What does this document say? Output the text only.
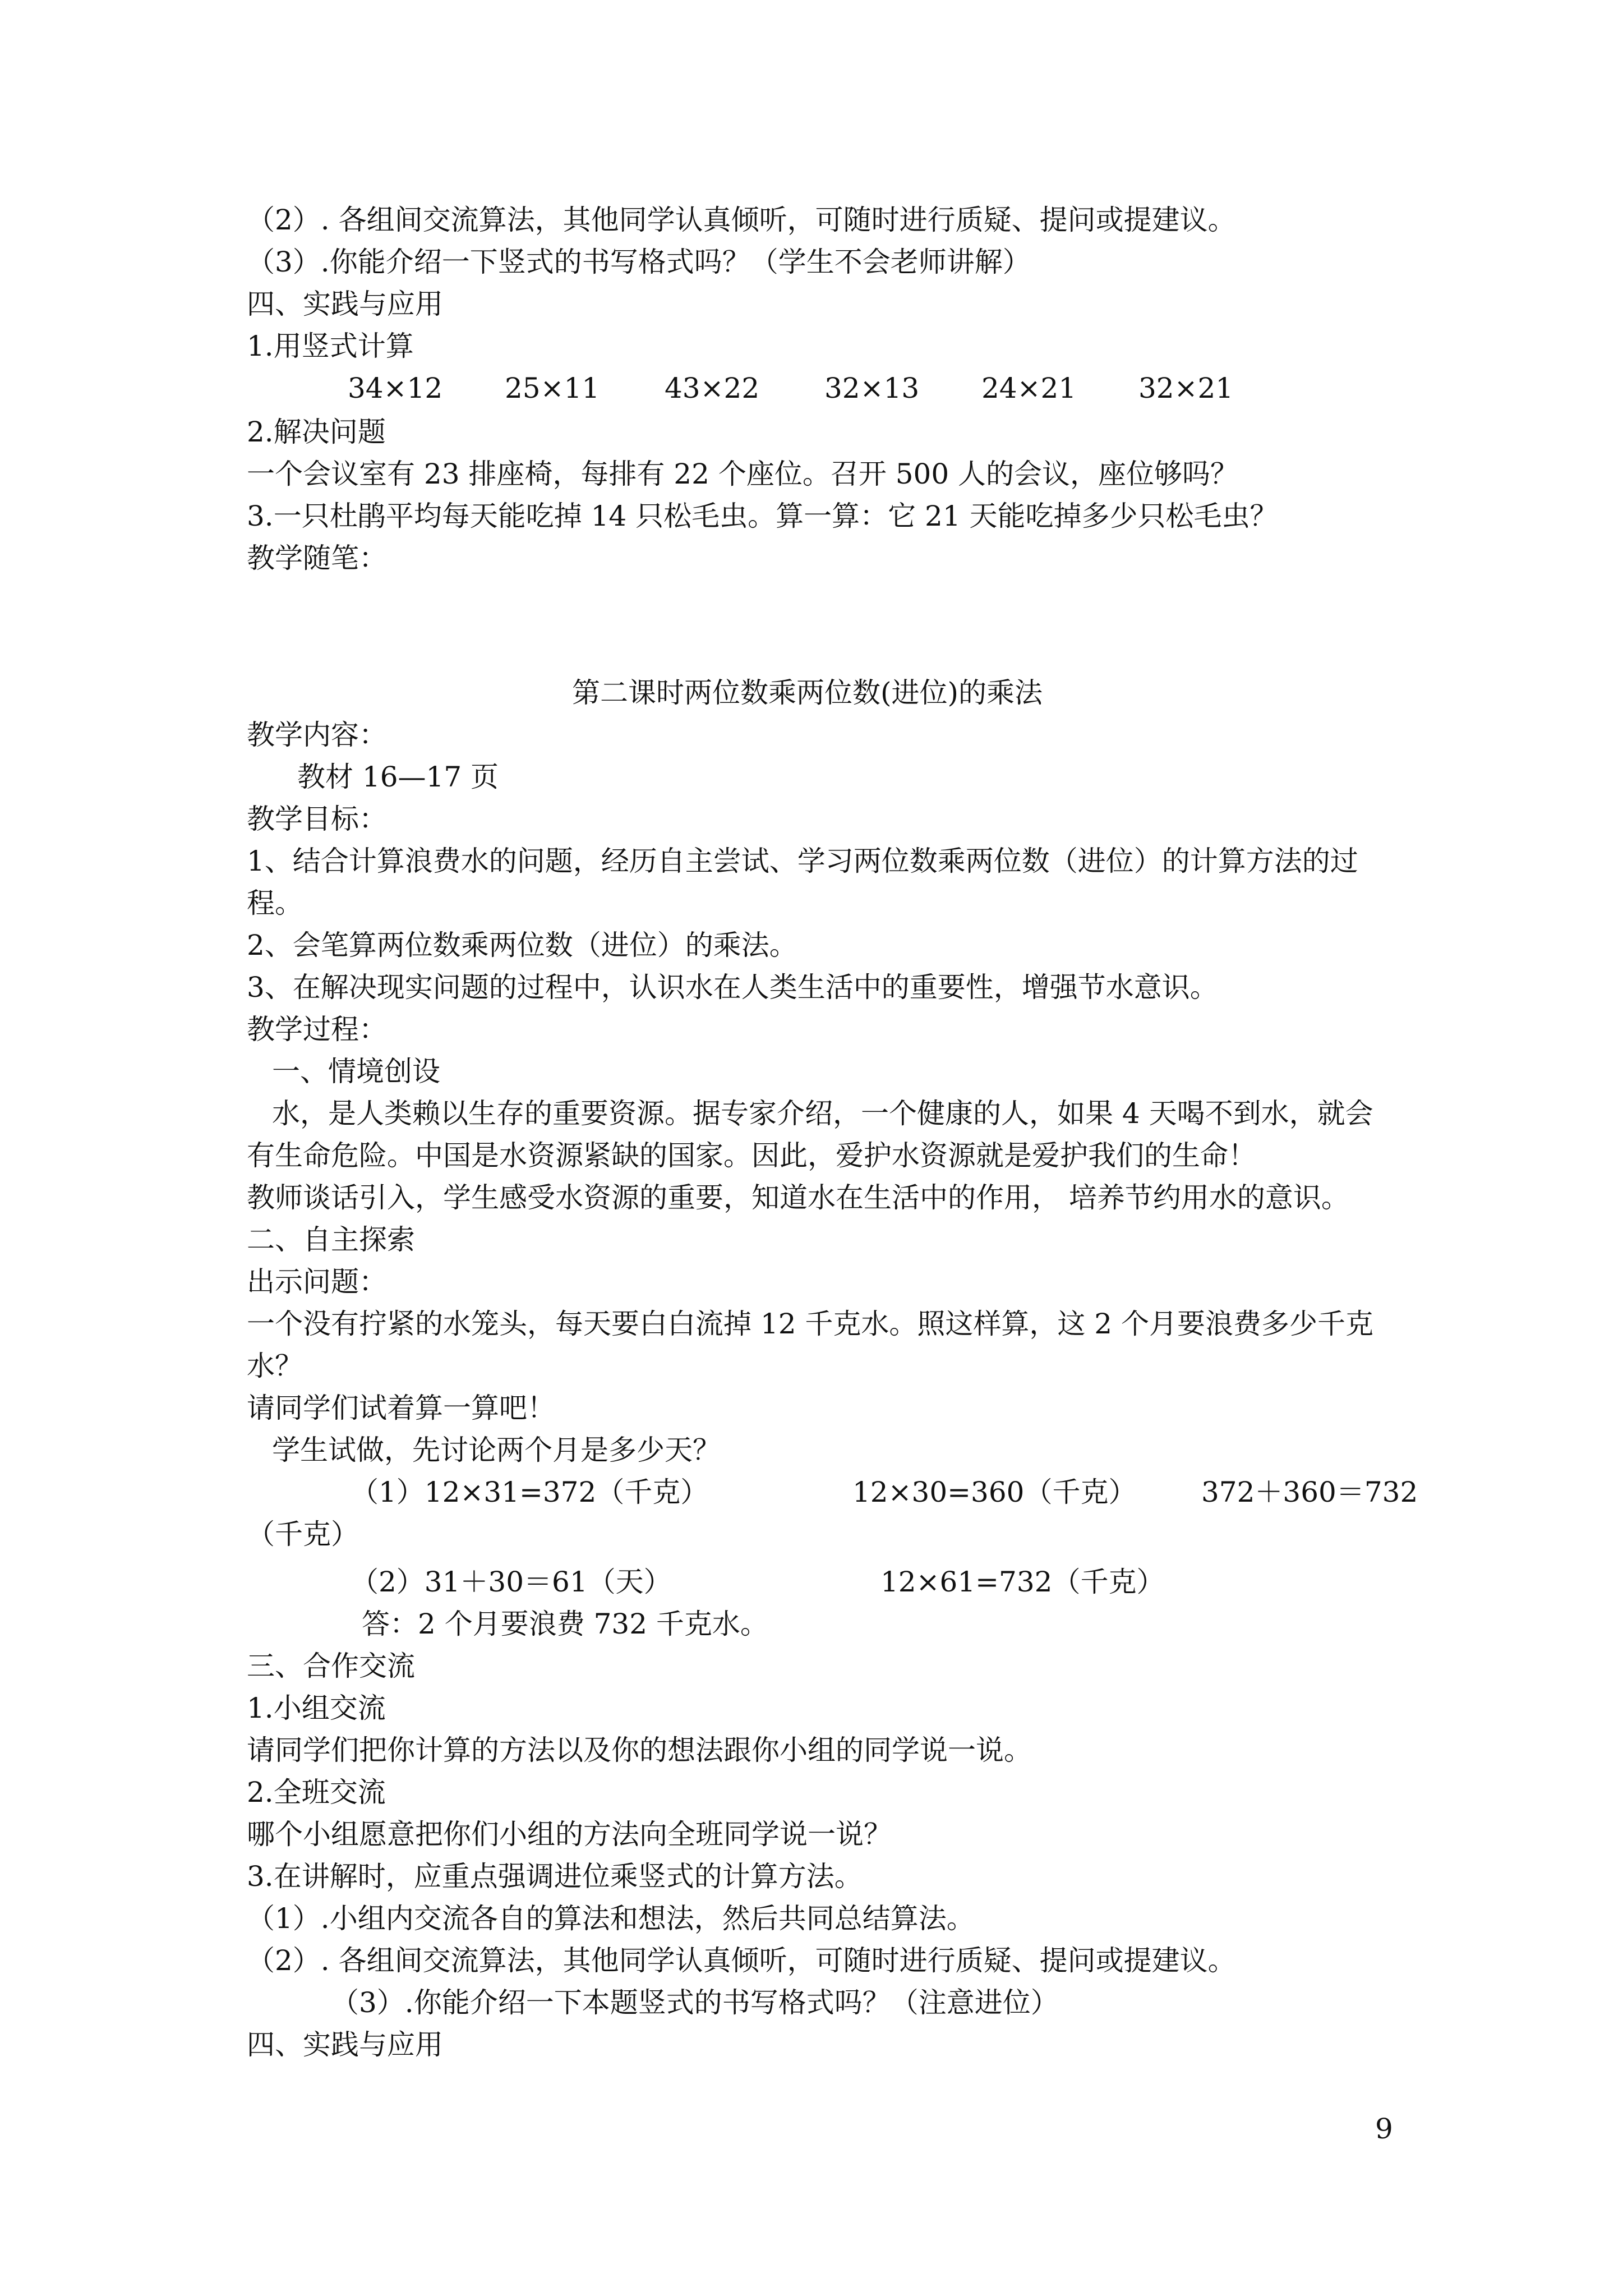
（2）. 各组间交流算法，其他同学认真倾听，可随时进行质疑、提问或提建议。
（3）.你能介绍一下竖式的书写格式吗？（学生不会老师讲解）
四、实践与应用
1.用竖式计算
34×12 25×11 43×22 32×13 24×21 32×21
2.解决问题
一个会议室有 23 排座椅，每排有 22 个座位。召开 500 人的会议，座位够吗？
3.一只杜鹃平均每天能吃掉 14 只松毛虫。算一算：它 21 天能吃掉多少只松毛虫？
教学随笔：
第二课时两位数乘两位数(进位)的乘法
教学内容：
教材 16—17 页
教学目标：
1、结合计算浪费水的问题，经历自主尝试、学习两位数乘两位数（进位）的计算方法的过
程。
2、会笔算两位数乘两位数（进位）的乘法。
3、在解决现实问题的过程中，认识水在人类生活中的重要性，增强节水意识。
教学过程：
一、情境创设
水，是人类赖以生存的重要资源。据专家介绍，一个健康的人，如果 4 天喝不到水，就会
有生命危险。中国是水资源紧缺的国家。因此，爱护水资源就是爱护我们的生命！
教师谈话引入，学生感受水资源的重要，知道水在生活中的作用， 培养节约用水的意识。
二、自主探索
出示问题：
一个没有拧紧的水笼头，每天要白白流掉 12 千克水。照这样算，这 2 个月要浪费多少千克
水？
请同学们试着算一算吧！
学生试做，先讨论两个月是多少天？
（1）12×31=372（千克）	12×30=360（千克） 372＋360＝732
（千克）
（2）31＋30＝61（天）	12×61=732（千克）
答：2 个月要浪费 732 千克水。
三、合作交流
1.小组交流
请同学们把你计算的方法以及你的想法跟你小组的同学说一说。
2.全班交流
哪个小组愿意把你们小组的方法向全班同学说一说？
3.在讲解时，应重点强调进位乘竖式的计算方法。
（1）.小组内交流各自的算法和想法，然后共同总结算法。
（2）. 各组间交流算法，其他同学认真倾听，可随时进行质疑、提问或提建议。
（3）.你能介绍一下本题竖式的书写格式吗？（注意进位）
四、实践与应用
9
